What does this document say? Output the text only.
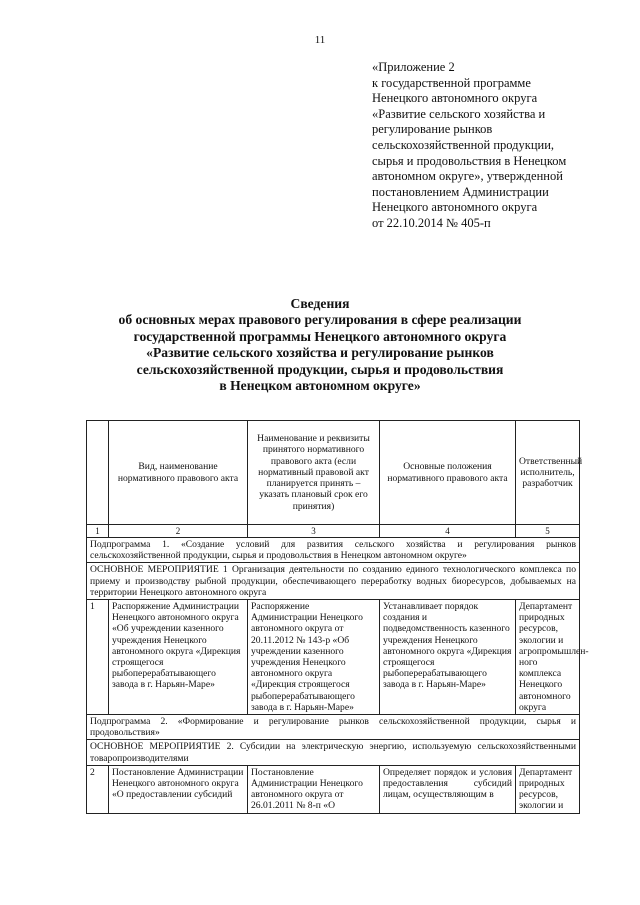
11
«Приложение 2
к государственной программе
Ненецкого автономного округа
«Развитие сельского хозяйства и
регулирование рынков
сельскохозяйственной продукции,
сырья и продовольствия в Ненецком
автономном округе», утвержденной
постановлением Администрации
Ненецкого автономного округа
от 22.10.2014 № 405-п
Сведения
об основных мерах правового регулирования в сфере реализации
государственной программы Ненецкого автономного округа
«Развитие сельского хозяйства и регулирование рынков
сельскохозяйственной продукции, сырья и продовольствия
в Ненецком автономном округе»
	Вид, наименование нормативного правового акта	Наименование и реквизиты принятого нормативного правового акта (если нормативный правовой акт планируется принять – указать плановый срок его принятия)	Основные положения нормативного правового акта	Ответственный исполнитель, разработчик
1	2	3	4	5
Подпрограмма 1. «Создание условий для развития сельского хозяйства и регулирования рынков сельскохозяйственной продукции, сырья и продовольствия в Ненецком автономном округе»				
ОСНОВНОЕ МЕРОПРИЯТИЕ 1 Организация деятельности по созданию единого технологического комплекса по приему и производству рыбной продукции, обеспечивающего переработку водных биоресурсов, добываемых на территории Ненецкого автономного округа				
1	Распоряжение Администрации Ненецкого автономного округа «Об учреждении казенного учреждения Ненецкого автономного округа «Дирекция строящегося рыбоперерабатывающего завода в г. Нарьян-Маре»	Распоряжение Администрации Ненецкого автономного округа от 20.11.2012 № 143-р «Об учреждении казенного учреждения Ненецкого автономного округа «Дирекция строящегося рыбоперерабатывающего завода в г. Нарьян-Маре»	Устанавливает порядок создания и подведомственность казенного учреждения Ненецкого автономного округа «Дирекция строящегося рыбоперерабатывающего завода в г. Нарьян-Маре»	Департамент природных ресурсов, экологии и агропромышлен-ного комплекса Ненецкого автономного округа
Подпрограмма 2. «Формирование и регулирование рынков сельскохозяйственной продукции, сырья и продовольствия»				
ОСНОВНОЕ МЕРОПРИЯТИЕ 2. Субсидии на электрическую энергию, используемую сельскохозяйственными товаропроизводителями				
2	Постановление Администрации Ненецкого автономного округа «О предоставлении субсидий	Постановление Администрации Ненецкого автономного округа от 26.01.2011 № 8-п «О	Определяет порядок и условия предоставления субсидий лицам, осуществляющим в	Департамент природных ресурсов, экологии и
